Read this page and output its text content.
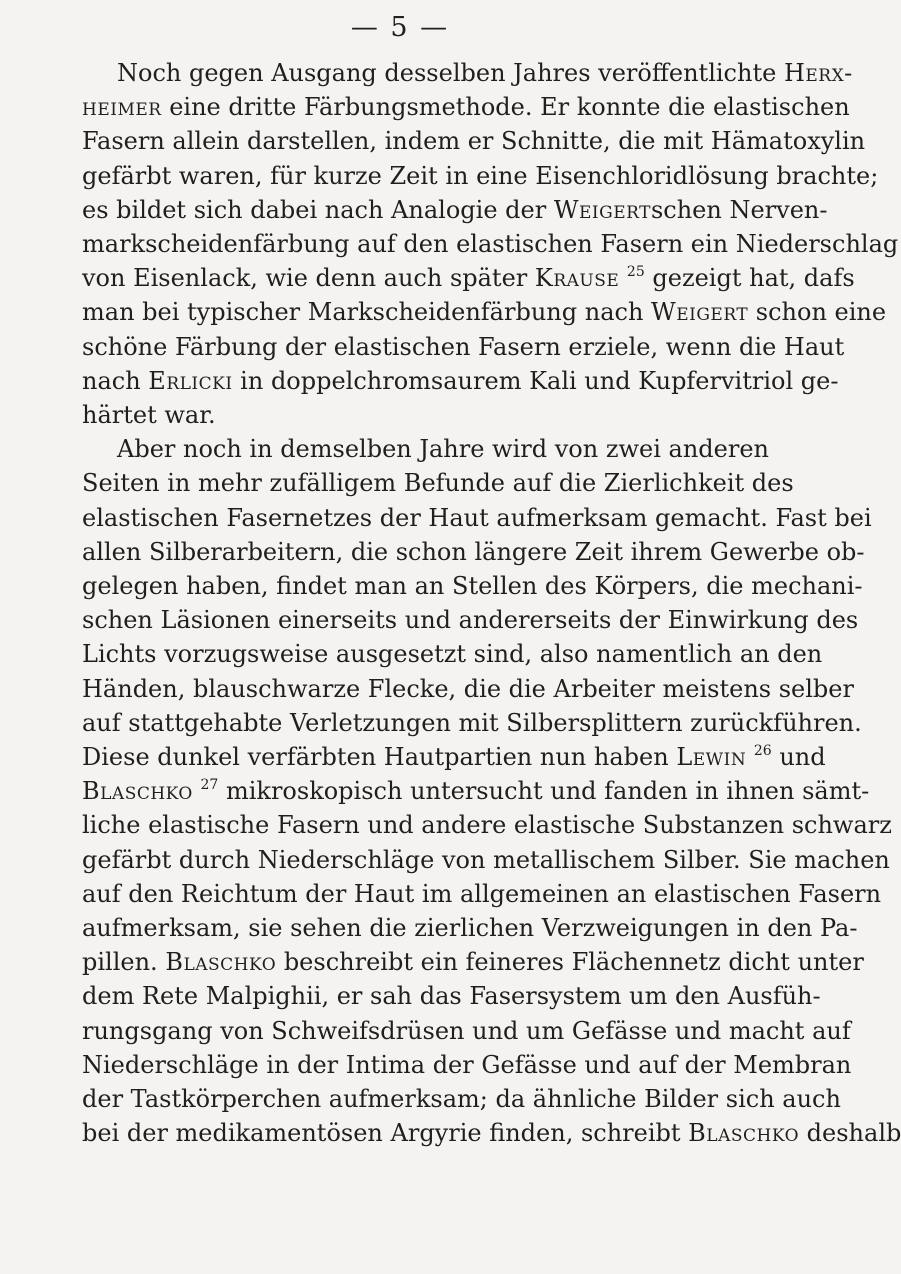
— 5 —

Noch gegen Ausgang desselben Jahres veröffentlichte Herx-

heimer eine dritte Färbungsmethode. Er konnte die elastischen

Fasern allein darstellen, indem er Schnitte, die mit Hämatoxylin

gefärbt waren, für kurze Zeit in eine Eisenchloridlösung brachte;

es bildet sich dabei nach Analogie der Weigertschen Nerven-

markscheidenfärbung auf den elastischen Fasern ein Niederschlag

von Eisenlack, wie denn auch später Krause $^{25}$ gezeigt hat, dafs

man bei typischer Markscheidenfärbung nach Weigert schon eine

schöne Färbung der elastischen Fasern erziele, wenn die Haut

nach Erlicki in doppelchromsaurem Kali und Kupfervitriol ge-

härtet war.

Aber noch in demselben Jahre wird von zwei anderen

Seiten in mehr zufälligem Befunde auf die Zierlichkeit des

elastischen Fasernetzes der Haut aufmerksam gemacht. Fast bei

allen Silberarbeitern, die schon längere Zeit ihrem Gewerbe ob-

gelegen haben, findet man an Stellen des Körpers, die mechani-

schen Läsionen einerseits und andererseits der Einwirkung des

Lichts vorzugsweise ausgesetzt sind, also namentlich an den

Händen, blauschwarze Flecke, die die Arbeiter meistens selber

auf stattgehabte Verletzungen mit Silbersplittern zurückführen.

Diese dunkel verfärbten Hautpartien nun haben Lewin $^{26}$ und

Blaschko $^{27}$ mikroskopisch untersucht und fanden in ihnen sämt-

liche elastische Fasern und andere elastische Substanzen schwarz

gefärbt durch Niederschläge von metallischem Silber. Sie machen

auf den Reichtum der Haut im allgemeinen an elastischen Fasern

aufmerksam, sie sehen die zierlichen Verzweigungen in den Pa-

pillen. Blaschko beschreibt ein feineres Flächennetz dicht unter

dem Rete Malpighii, er sah das Fasersystem um den Ausfüh-

rungsgang von Schweifsdrüsen und um Gefässe und macht auf

Niederschläge in der Intima der Gefässe und auf der Membran

der Tastkörperchen aufmerksam; da ähnliche Bilder sich auch

bei der medikamentösen Argyrie finden, schreibt Blaschko deshalb
